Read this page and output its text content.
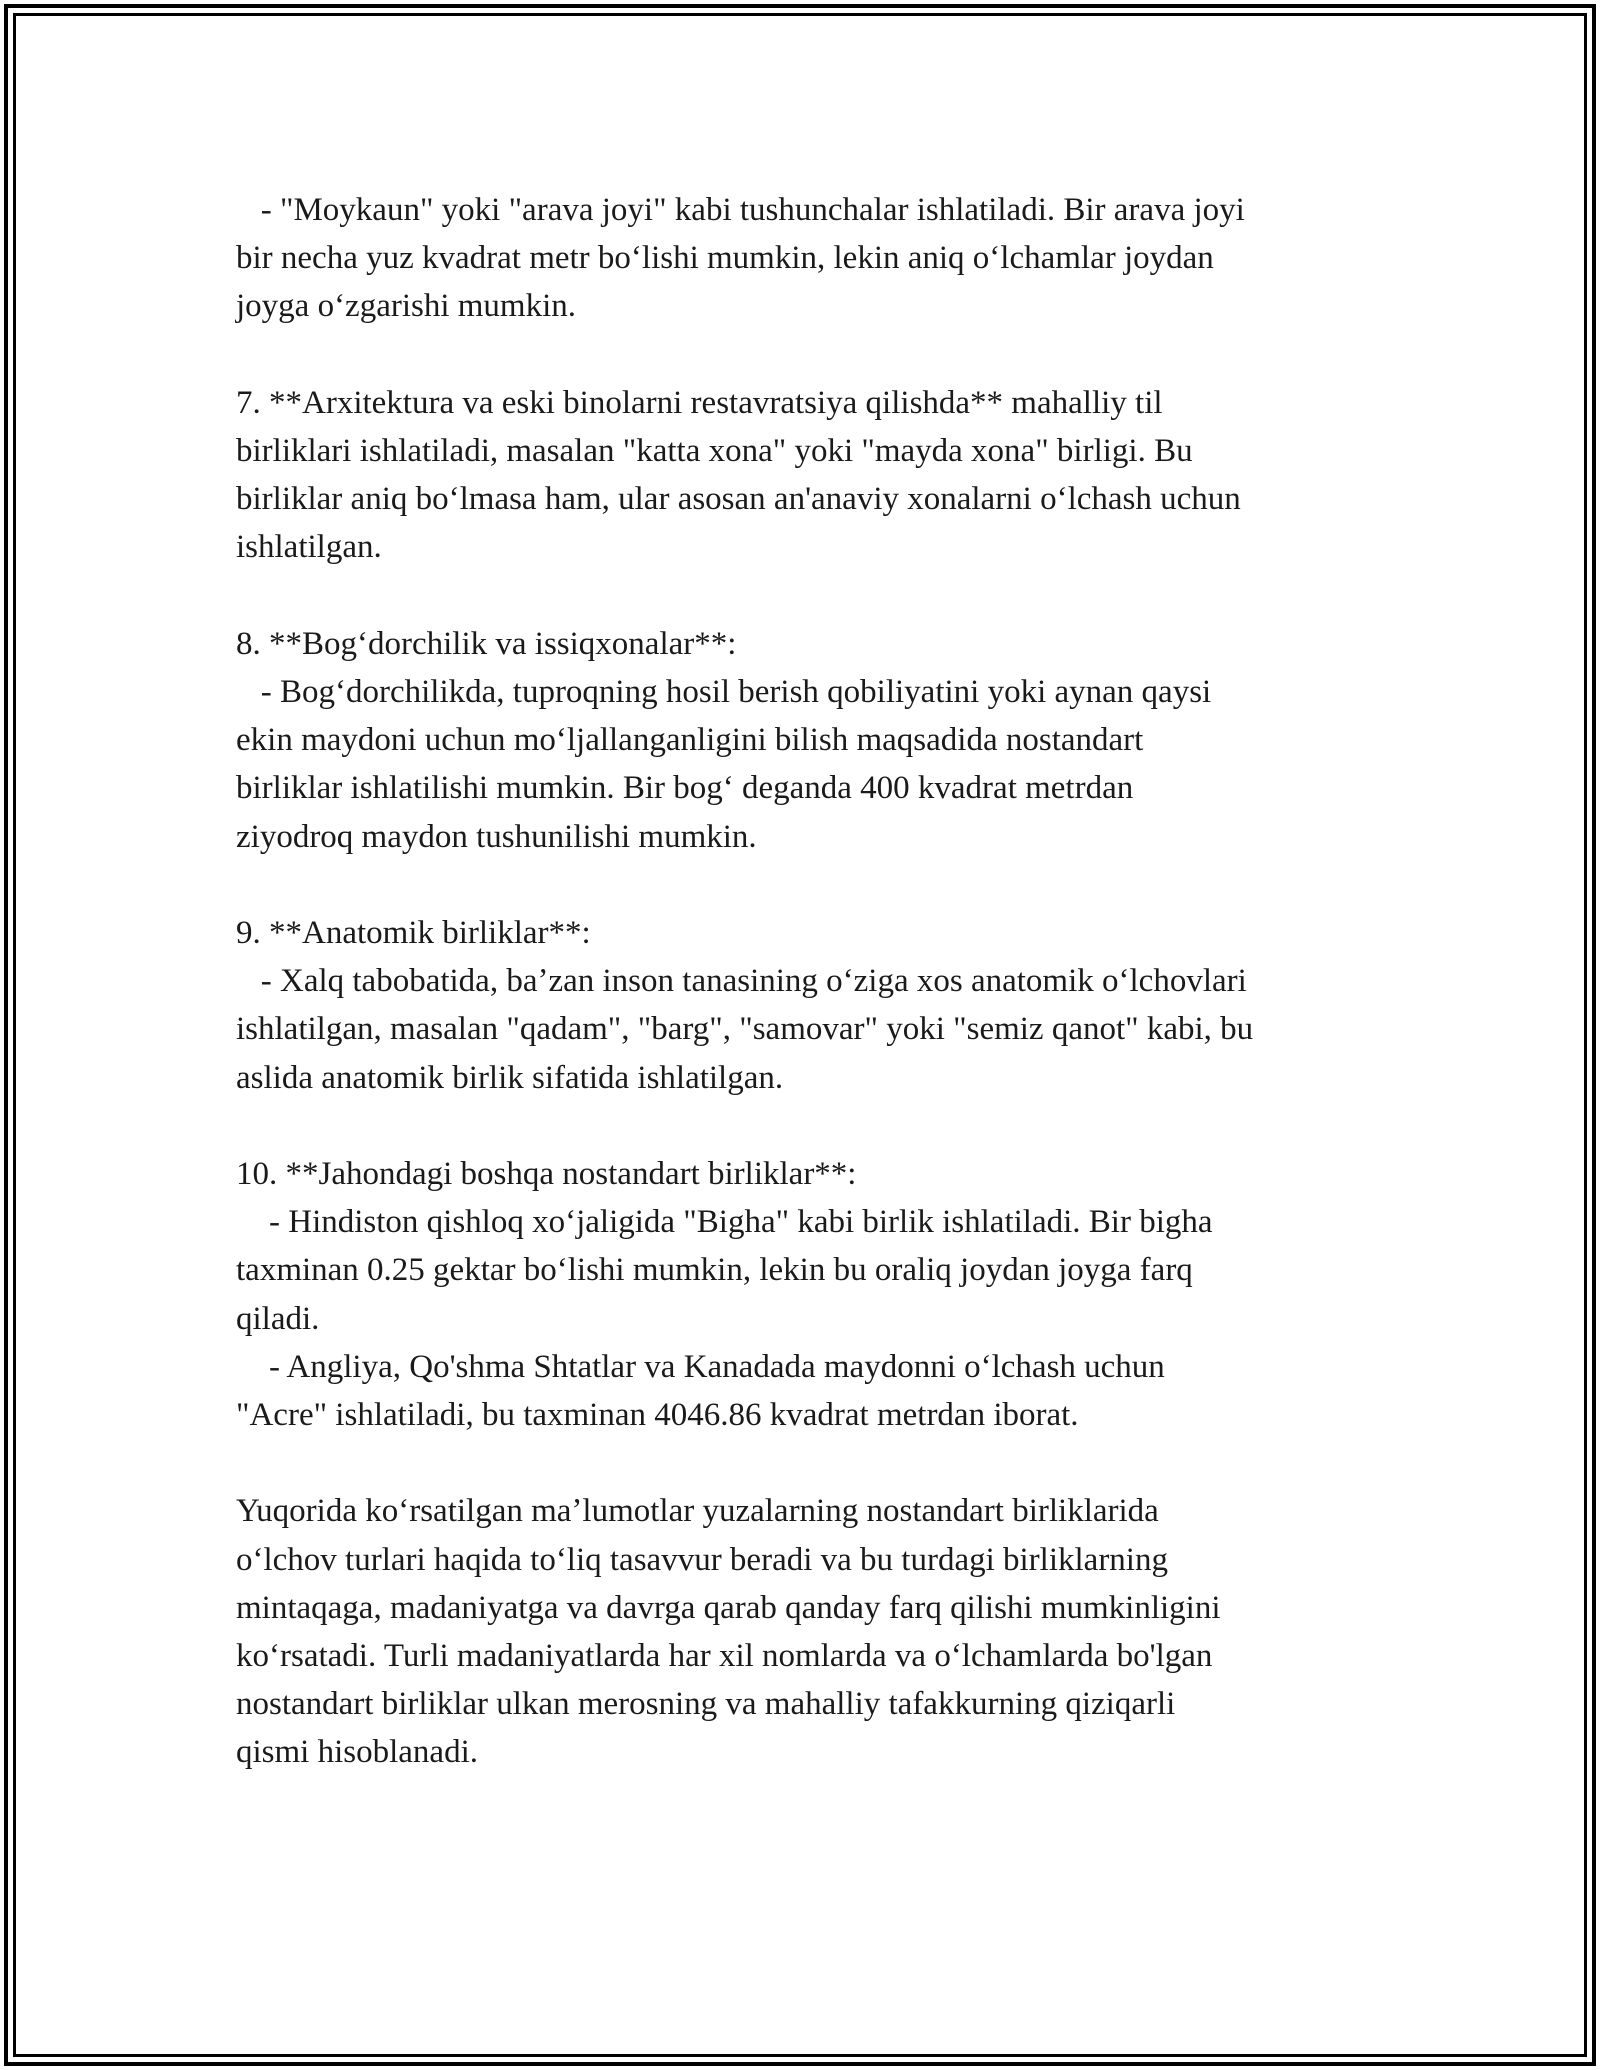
- "Moykaun" yoki "arava joyi" kabi tushunchalar ishlatiladi. Bir arava joyi
bir necha yuz kvadrat metr boʻlishi mumkin, lekin aniq oʻlchamlar joydan
joyga oʻzgarishi mumkin.

7. **Arxitektura va eski binolarni restavratsiya qilishda** mahalliy til
birliklari ishlatiladi, masalan "katta xona" yoki "mayda xona" birligi. Bu
birliklar aniq boʻlmasa ham, ular asosan an'anaviy xonalarni oʻlchash uchun
ishlatilgan.

8. **Bogʻdorchilik va issiqxonalar**:
- Bogʻdorchilikda, tuproqning hosil berish qobiliyatini yoki aynan qaysi
ekin maydoni uchun moʻljallanganligini bilish maqsadida nostandart
birliklar ishlatilishi mumkin. Bir bogʻ deganda 400 kvadrat metrdan
ziyodroq maydon tushunilishi mumkin.

9. **Anatomik birliklar**:
- Xalq tabobatida, baʼzan inson tanasining oʻziga xos anatomik oʻlchovlari
ishlatilgan, masalan "qadam", "barg", "samovar" yoki "semiz qanot" kabi, bu
aslida anatomik birlik sifatida ishlatilgan.

10. **Jahondagi boshqa nostandart birliklar**:
- Hindiston qishloq xoʻjaligida "Bigha" kabi birlik ishlatiladi. Bir bigha
taxminan 0.25 gektar boʻlishi mumkin, lekin bu oraliq joydan joyga farq
qiladi.
- Angliya, Qo'shma Shtatlar va Kanadada maydonni oʻlchash uchun
"Acre" ishlatiladi, bu taxminan 4046.86 kvadrat metrdan iborat.

Yuqorida koʻrsatilgan maʼlumotlar yuzalarning nostandart birliklarida
oʻlchov turlari haqida toʻliq tasavvur beradi va bu turdagi birliklarning
mintaqaga, madaniyatga va davrga qarab qanday farq qilishi mumkinligini
koʻrsatadi. Turli madaniyatlarda har xil nomlarda va oʻlchamlarda bo'lgan
nostandart birliklar ulkan merosning va mahalliy tafakkurning qiziqarli
qismi hisoblanadi.
